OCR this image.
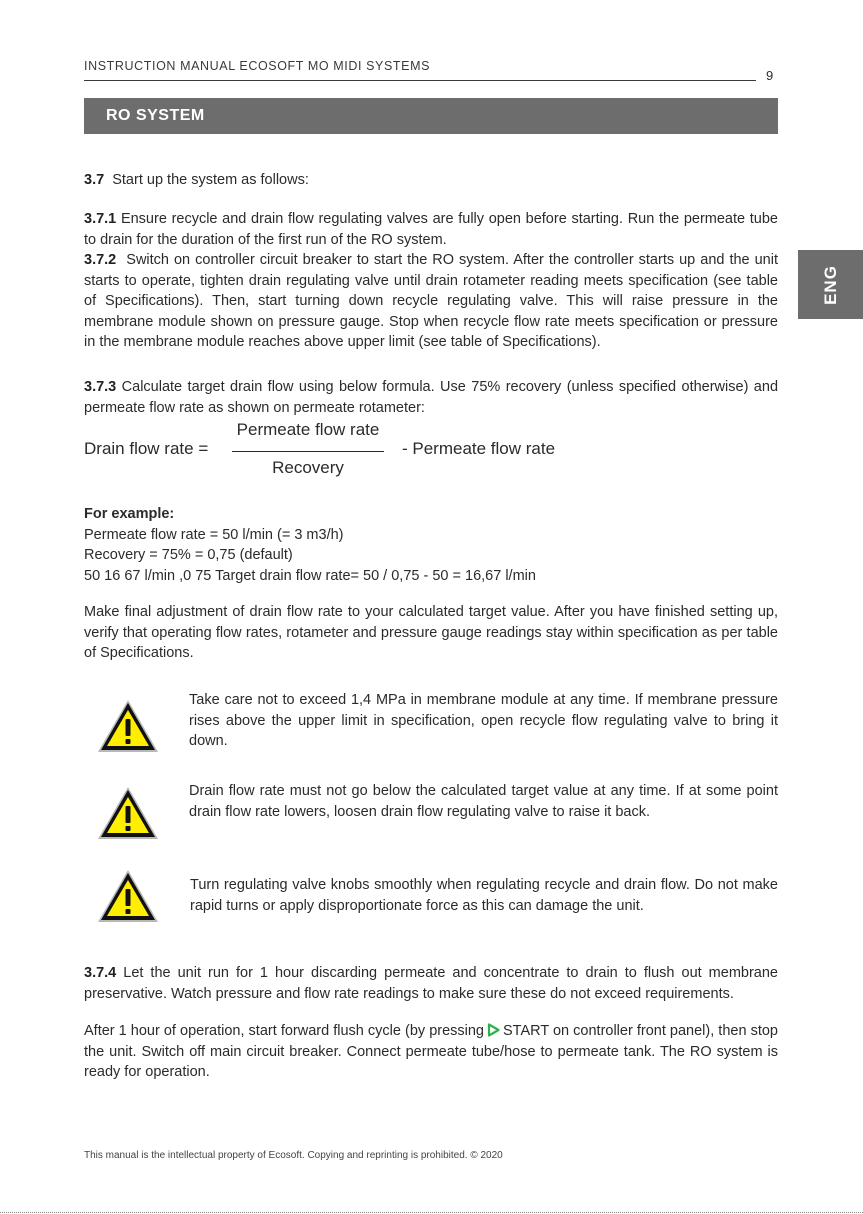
INSTRUCTION MANUAL ECOSOFT MO MIDI SYSTEMS
9
RO SYSTEM
ENG
3.7 Start up the system as follows:
3.7.1 Ensure recycle and drain flow regulating valves are fully open before starting. Run the permeate tube to drain for the duration of the first run of the RO system.
3.7.2 Switch on controller circuit breaker to start the RO system. After the controller starts up and the unit starts to operate, tighten drain regulating valve until drain rotameter reading meets specification (see table of Specifications). Then, start turning down recycle regulating valve. This will raise pressure in the membrane module shown on pressure gauge. Stop when recycle flow rate meets specification or pressure in the membrane module reaches above upper limit (see table of Specifications).
3.7.3 Calculate target drain flow using below formula. Use 75% recovery (unless specified otherwise) and permeate flow rate as shown on permeate rotameter:
Drain flow rate =
Permeate flow rate
Recovery
- Permeate flow rate
For example:
Permeate flow rate = 50 l/min (= 3 m3/h)
Recovery = 75% = 0,75 (default)
50 16 67 l/min ,0 75 Target drain flow rate= 50 / 0,75 - 50 = 16,67 l/min
Make final adjustment of drain flow rate to your calculated target value. After you have finished setting up, verify that operating flow rates, rotameter and pressure gauge readings stay within specification as per table of Specifications.
Take care not to exceed 1,4 MPa in membrane module at any time. If membrane pressure rises above the upper limit in specification, open recycle flow regulating valve to bring it down.
Drain flow rate must not go below the calculated target value at any time. If at some point drain flow rate lowers, loosen drain flow regulating valve to raise it back.
Turn regulating valve knobs smoothly when regulating recycle and drain flow. Do not make rapid turns or apply disproportionate force as this can damage the unit.
3.7.4 Let the unit run for 1 hour discarding permeate and concentrate to drain to flush out membrane preservative. Watch pressure and flow rate readings to make sure these do not exceed requirements.
After 1 hour of operation, start forward flush cycle (by pressing START on controller front panel), then stop the unit. Switch off main circuit breaker. Connect permeate tube/hose to permeate tank. The RO system is ready for operation.
This manual is the intellectual property of Ecosoft. Copying and reprinting is prohibited. © 2020
